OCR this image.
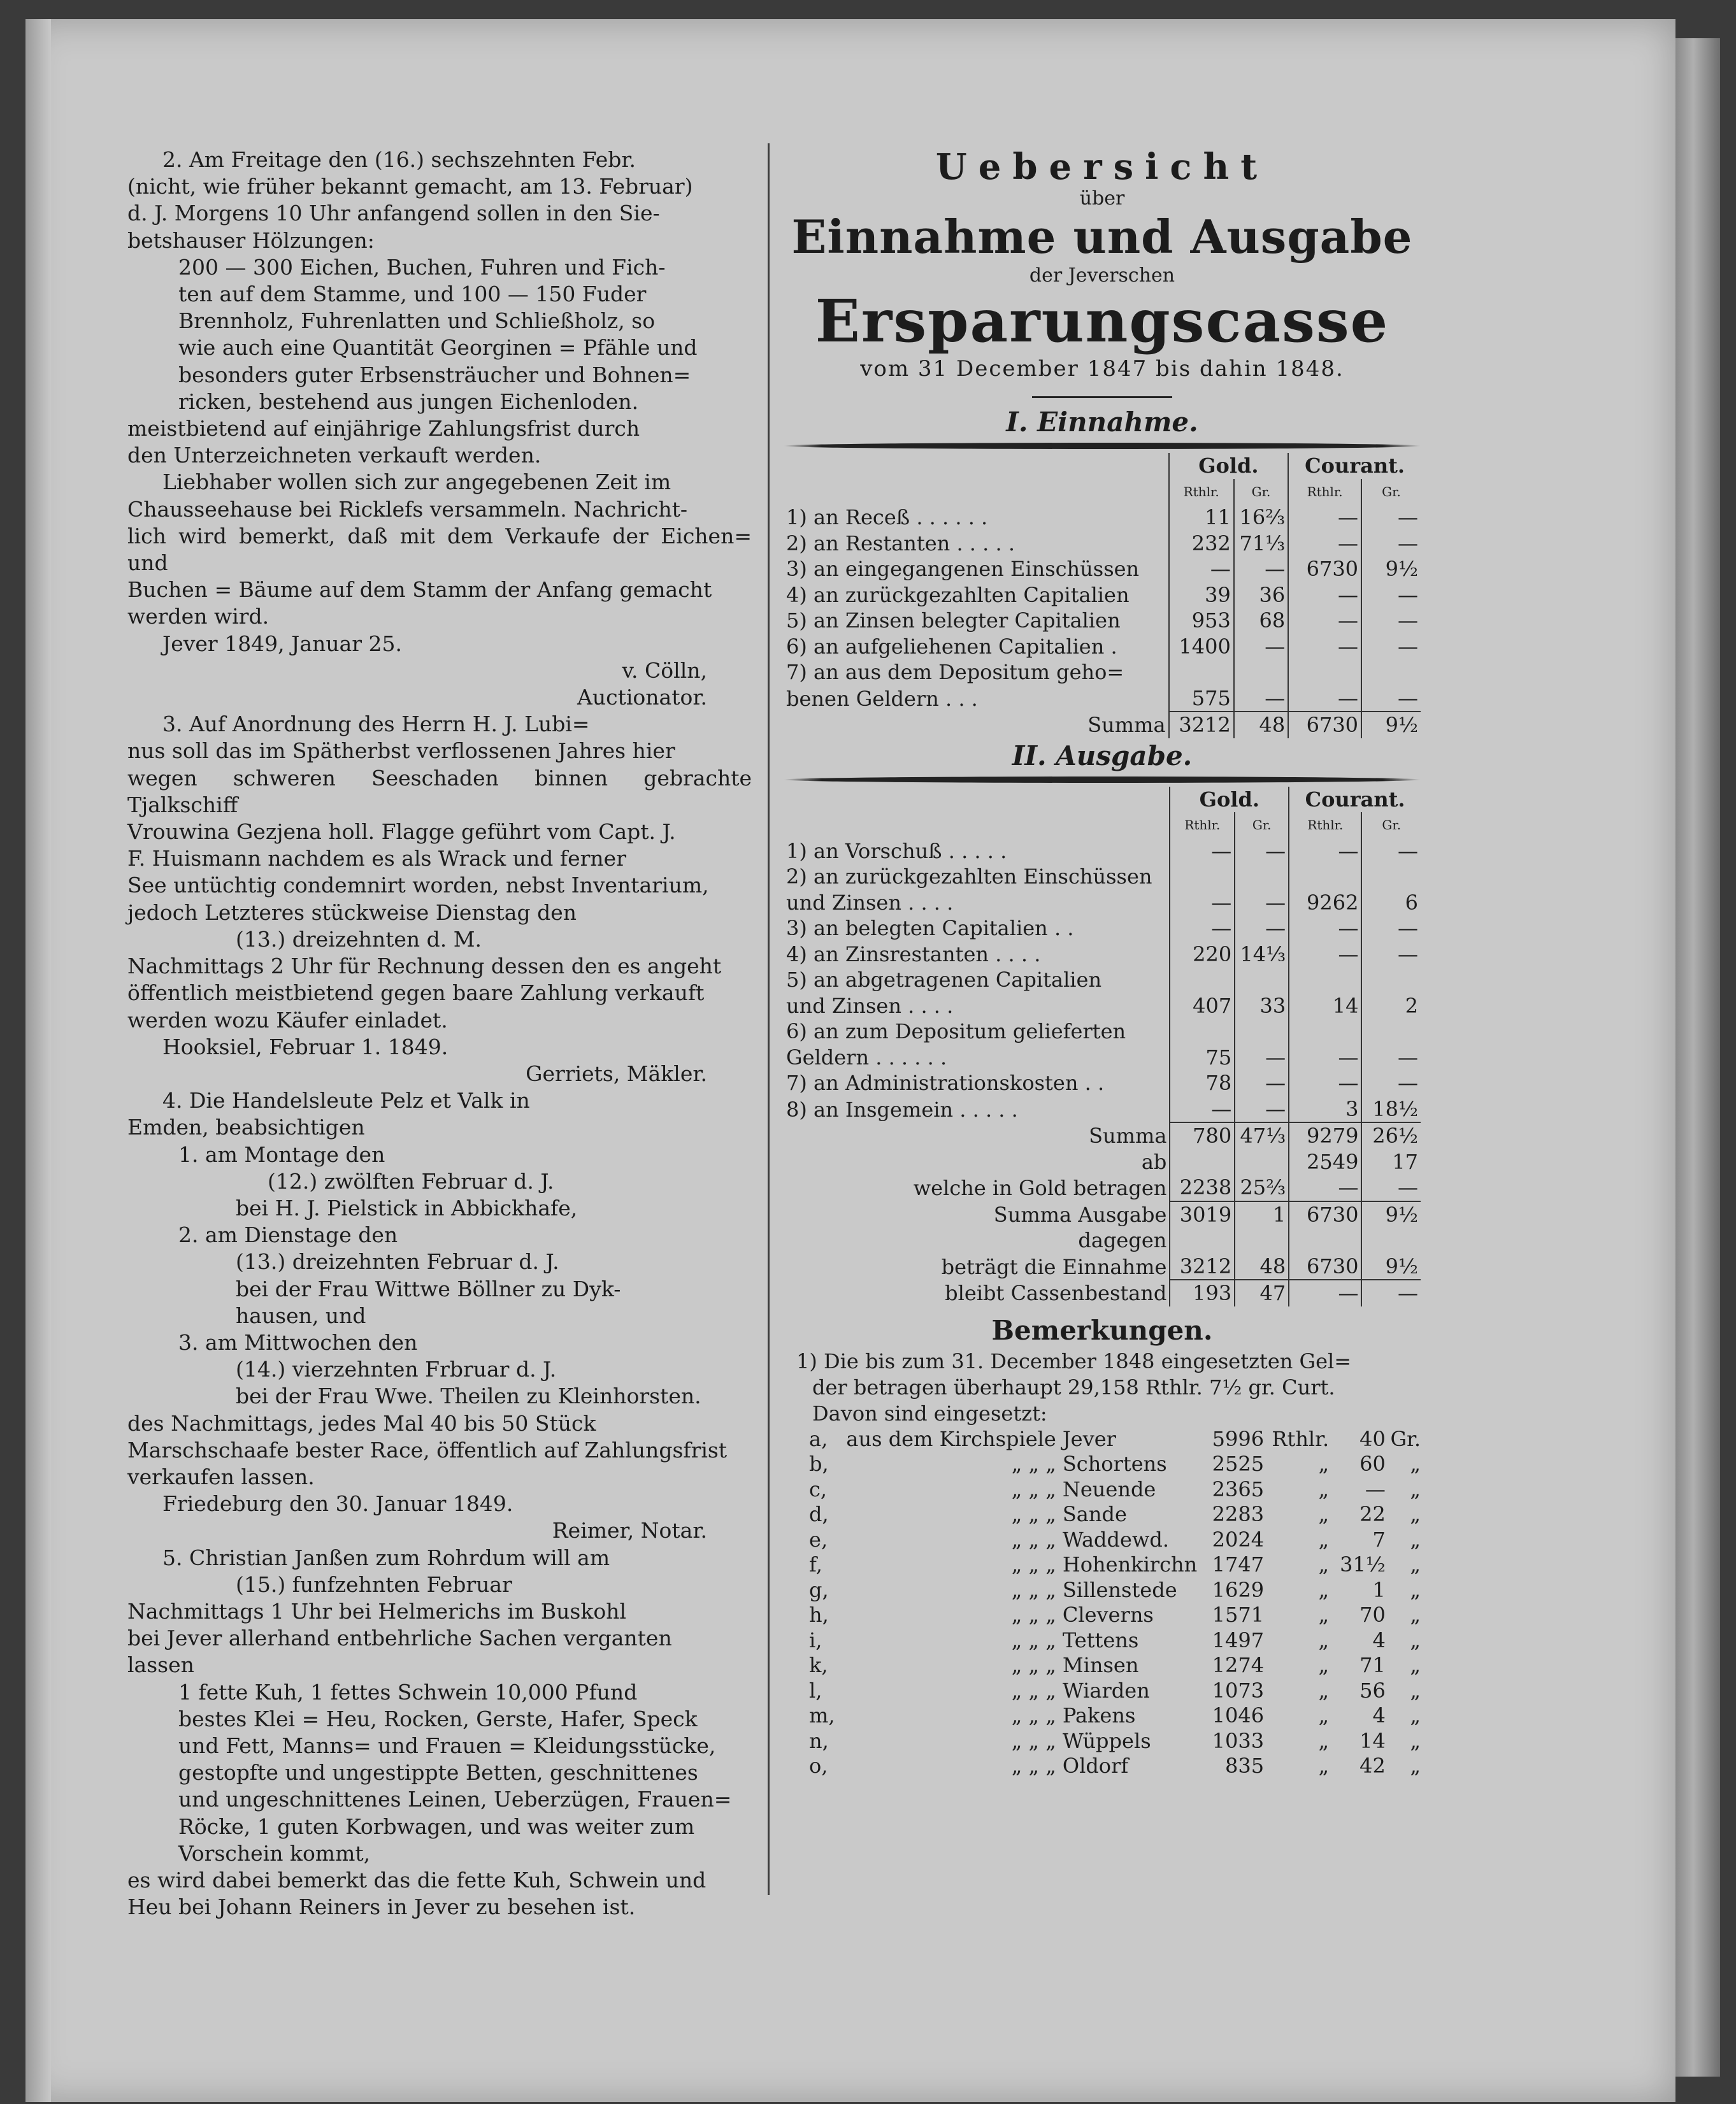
2. Am Freitage den (16.) sechszehnten Febr.

(nicht, wie früher bekannt gemacht, am 13. Februar)

d. J. Morgens 10 Uhr anfangend sollen in den Sie-

betshauser Hölzungen:

200 — 300 Eichen, Buchen, Fuhren und Fich-

ten auf dem Stamme, und 100 — 150 Fuder

Brennholz, Fuhrenlatten und Schließholz, so

wie auch eine Quantität Georginen = Pfähle und

besonders guter Erbsensträucher und Bohnen=

ricken, bestehend aus jungen Eichenloden.

meistbietend auf einjährige Zahlungsfrist durch

den Unterzeichneten verkauft werden.

Liebhaber wollen sich zur angegebenen Zeit im

Chausseehause bei Ricklefs versammeln. Nachricht-

lich wird bemerkt, daß mit dem Verkaufe der Eichen= und

Buchen = Bäume auf dem Stamm der Anfang gemacht

werden wird.

Jever 1849, Januar 25.

v. Cölln,

Auctionator.

3. Auf Anordnung des Herrn H. J. Lubi=

nus soll das im Spätherbst verflossenen Jahres hier

wegen schweren Seeschaden binnen gebrachte Tjalkschiff

Vrouwina Gezjena holl. Flagge geführt vom Capt. J.

F. Huismann nachdem es als Wrack und ferner

See untüchtig condemnirt worden, nebst Inventarium,

jedoch Letzteres stückweise Dienstag den

(13.) dreizehnten d. M.

Nachmittags 2 Uhr für Rechnung dessen den es angeht

öffentlich meistbietend gegen baare Zahlung verkauft

werden wozu Käufer einladet.

Hooksiel, Februar 1. 1849.

Gerriets, Mäkler.

4. Die Handelsleute Pelz et Valk in

Emden, beabsichtigen

1. am Montage den

(12.) zwölften Februar d. J.

bei H. J. Pielstick in Abbickhafe,

2. am Dienstage den

(13.) dreizehnten Februar d. J.

bei der Frau Wittwe Böllner zu Dyk-

hausen, und

3. am Mittwochen den

(14.) vierzehnten Frbruar d. J.

bei der Frau Wwe. Theilen zu Kleinhorsten.

des Nachmittags, jedes Mal 40 bis 50 Stück

Marschschaafe bester Race, öffentlich auf Zahlungsfrist

verkaufen lassen.

Friedeburg den 30. Januar 1849.

Reimer, Notar.

5. Christian Janßen zum Rohrdum will am

(15.) funfzehnten Februar

Nachmittags 1 Uhr bei Helmerichs im Buskohl

bei Jever allerhand entbehrliche Sachen verganten

lassen

1 fette Kuh, 1 fettes Schwein 10,000 Pfund

bestes Klei = Heu, Rocken, Gerste, Hafer, Speck

und Fett, Manns= und Frauen = Kleidungsstücke,

gestopfte und ungestippte Betten, geschnittenes

und ungeschnittenes Leinen, Ueberzügen, Frauen=

Röcke, 1 guten Korbwagen, und was weiter zum

Vorschein kommt,

es wird dabei bemerkt das die fette Kuh, Schwein und

Heu bei Johann Reiners in Jever zu besehen ist.

Uebersicht
über
Einnahme und Ausgabe
der Jeverschen
Ersparungscasse
vom 31 December 1847 bis dahin 1848.
I. Einnahme.
	Gold.		Courant.	
	Rthlr.	Gr.	Rthlr.	Gr.
1) an Receß . . . . . .	11	16⅔	—	—
2) an Restanten . . . . .	232	71⅓	—	—
3) an eingegangenen Einschüssen	—	—	6730	9½
4) an zurückgezahlten Capitalien	39	36	—	—
5) an Zinsen belegter Capitalien	953	68	—	—
6) an aufgeliehenen Capitalien .	1400	—	—	—
7) an aus dem Depositum geho=				
benen Geldern . . .	575	—	—	—
Summa	3212	48	6730	9½
II. Ausgabe.
	Gold.		Courant.	
	Rthlr.	Gr.	Rthlr.	Gr.
1) an Vorschuß . . . . .	—	—	—	—
2) an zurückgezahlten Einschüssen				
und Zinsen . . . .	—	—	9262	6
3) an belegten Capitalien . .	—	—	—	—
4) an Zinsrestanten . . . .	220	14⅓	—	—
5) an abgetragenen Capitalien				
und Zinsen . . . .	407	33	14	2
6) an zum Depositum gelieferten				
Geldern . . . . . .	75	—	—	—
7) an Administrationskosten . .	78	—	—	—
8) an Insgemein . . . . .	—	—	3	18½
Summa	780	47⅓	9279	26½
ab			2549	17
welche in Gold betragen	2238	25⅔	—	—
Summa Ausgabe	3019	1	6730	9½
dagegen				
beträgt die Einnahme	3212	48	6730	9½
bleibt Cassenbestand	193	47	—	—
Bemerkungen.

1) Die bis zum 31. December 1848 eingesetzten Gel=

der betragen überhaupt 29,158 Rthlr. 7½ gr. Curt.

Davon sind eingesetzt:

a,	aus dem Kirchspiele	Jever	5996	Rthlr.	40	Gr.
b,	„ „ „	Schortens	2525	„	60	„
c,	„ „ „	Neuende	2365	„	—	„
d,	„ „ „	Sande	2283	„	22	„
e,	„ „ „	Waddewd.	2024	„	7	„
f,	„ „ „	Hohenkirchn	1747	„	31½	„
g,	„ „ „	Sillenstede	1629	„	1	„
h,	„ „ „	Cleverns	1571	„	70	„
i,	„ „ „	Tettens	1497	„	4	„
k,	„ „ „	Minsen	1274	„	71	„
l,	„ „ „	Wiarden	1073	„	56	„
m,	„ „ „	Pakens	1046	„	4	„
n,	„ „ „	Wüppels	1033	„	14	„
o,	„ „ „	Oldorf	835	„	42	„
